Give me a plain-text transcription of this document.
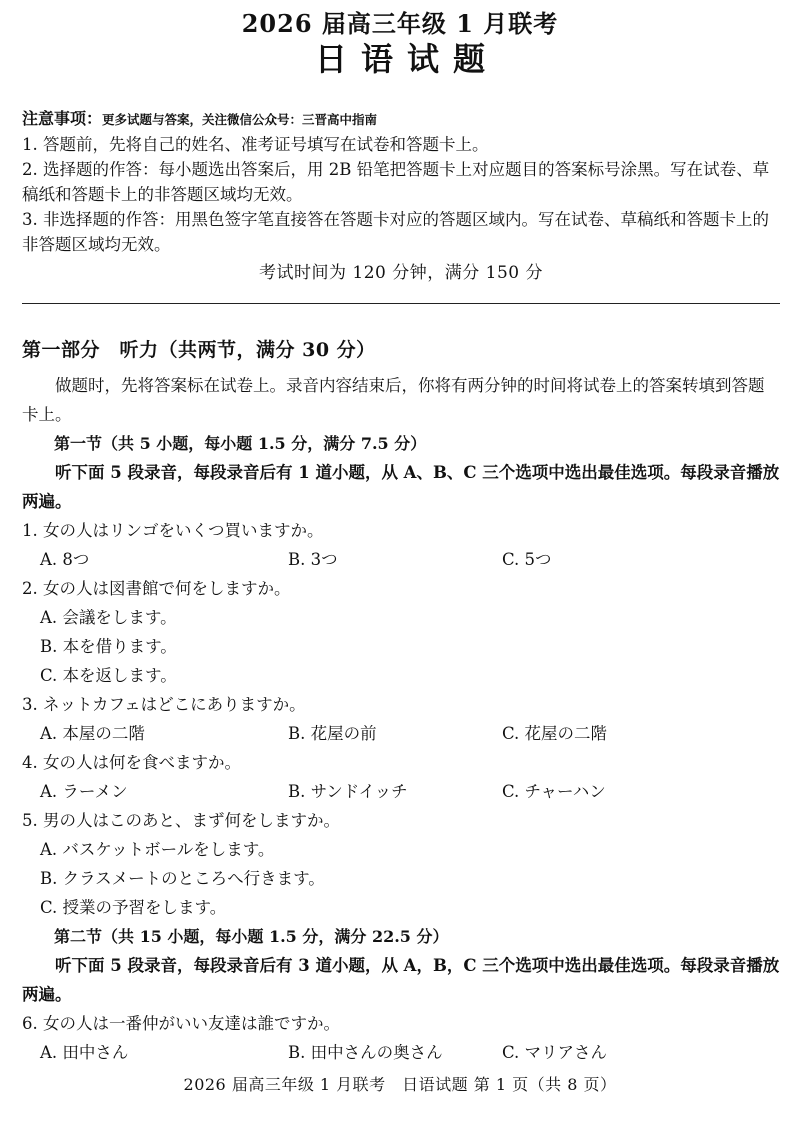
2026 届高三年级 1 月联考
日语试题
注意事项：更多试题与答案，关注微信公众号：三晋高中指南
1. 答题前，先将自己的姓名、准考证号填写在试卷和答题卡上。
2. 选择题的作答：每小题选出答案后，用 2B 铅笔把答题卡上对应题目的答案标号涂黑。写在试卷、草稿纸和答题卡上的非答题区域均无效。
3. 非选择题的作答：用黑色签字笔直接答在答题卡对应的答题区域内。写在试卷、草稿纸和答题卡上的非答题区域均无效。
考试时间为 120 分钟，满分 150 分
第一部分　听力（共两节，满分 30 分）
做题时，先将答案标在试卷上。录音内容结束后，你将有两分钟的时间将试卷上的答案转填到答题卡上。
第一节（共 5 小题，每小题 1.5 分，满分 7.5 分）
听下面 5 段录音，每段录音后有 1 道小题，从 A、B、C 三个选项中选出最佳选项。每段录音播放两遍。
1. 女の人はリンゴをいくつ買いますか。
A. 8つ	B. 3つ	C. 5つ
2. 女の人は図書館で何をしますか。
A. 会議をします。
B. 本を借ります。
C. 本を返します。
3. ネットカフェはどこにありますか。
A. 本屋の二階	B. 花屋の前	C. 花屋の二階
4. 女の人は何を食べますか。
A. ラーメン	B. サンドイッチ	C. チャーハン
5. 男の人はこのあと、まず何をしますか。
A. バスケットボールをします。
B. クラスメートのところへ行きます。
C. 授業の予習をします。
第二节（共 15 小题，每小题 1.5 分，满分 22.5 分）
听下面 5 段录音，每段录音后有 3 道小题，从 A，B，C 三个选项中选出最佳选项。每段录音播放两遍。
6. 女の人は一番仲がいい友達は誰ですか。
A. 田中さん	B. 田中さんの奥さん	C. マリアさん
2026 届高三年级 1 月联考　日语试题 第 1 页（共 8 页）
